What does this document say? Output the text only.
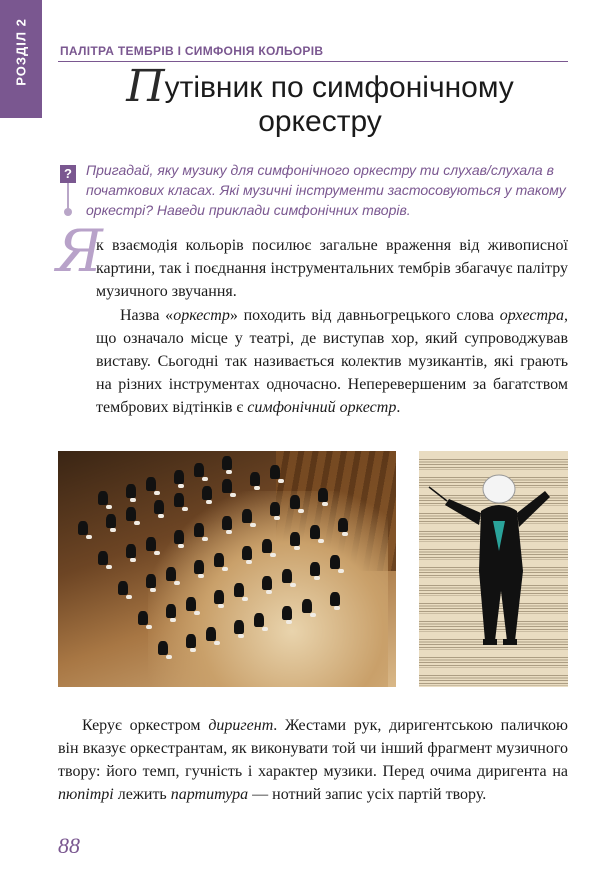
РОЗДІЛ 2	ПАЛІТРА ТЕМБРІВ І СИМФОНІЯ КОЛЬОРІВ
Путівник по симфонічному
оркестру
? Пригадай, яку музику для симфонічного оркестру ти слухав/слухала в початкових класах. Які музичні інструменти застосовуються у такому оркестрі? Наведи приклади симфонічних творів.
Я

к взаємодія кольорів посилює загальне враження від живописної картини, так і поєднання інструментальних тембрів збагачує палітру музичного звучання.

Назва «оркестр» походить від давньогрецького слова орхестра, що означало місце у театрі, де виступав хор, який супроводжував виставу. Сьогодні так називається колектив музикантів, які грають на різних інструментах одночасно. Неперевершеним за багатством тембрових відтінків є симфонічний оркестр.

Керує оркестром диригент. Жестами рук, диригентською паличкою він вказує оркестрантам, як виконувати той чи інший фрагмент музичного твору: його темп, гучність і характер музики. Перед очима диригента на пюпітрі лежить партитура — нотний запис усіх партій твору.

88
